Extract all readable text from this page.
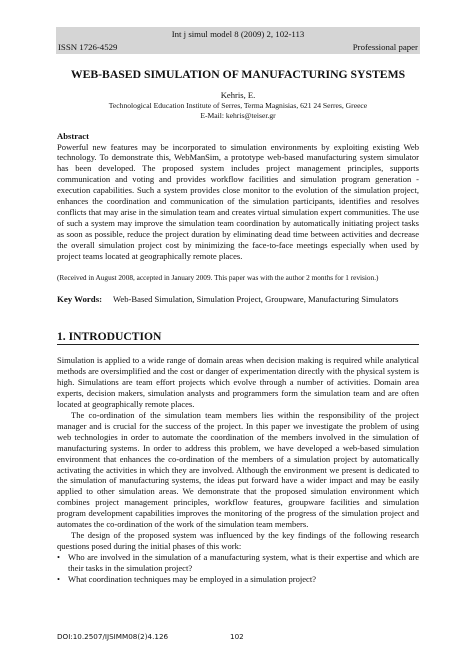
Int j simul model 8 (2009) 2, 102-113
ISSN 1726-4529	Professional paper
WEB-BASED SIMULATION OF MANUFACTURING SYSTEMS
Kehris, E.
Technological Education Institute of Serres, Terma Magnisias, 621 24 Serres, Greece
E-Mail: kehris@teiser.gr
Abstract
Powerful new features may be incorporated to simulation environments by exploiting existing Web technology. To demonstrate this, WebManSim, a prototype web-based manufacturing system simulator has been developed. The proposed system includes project management principles, supports communication and voting and provides workflow facilities and simulation program generation - execution capabilities. Such a system provides close monitor to the evolution of the simulation project, enhances the coordination and communication of the simulation participants, identifies and resolves conflicts that may arise in the simulation team and creates virtual simulation expert communities. The use of such a system may improve the simulation team coordination by automatically initiating project tasks as soon as possible, reduce the project duration by eliminating dead time between activities and decrease the overall simulation project cost by minimizing the face-to-face meetings especially when used by project teams located at geographically remote places.
(Received in August 2008, accepted in January 2009. This paper was with the author 2 months for 1 revision.)
Key Words: Web-Based Simulation, Simulation Project, Groupware, Manufacturing Simulators
1. INTRODUCTION

Simulation is applied to a wide range of domain areas when decision making is required while analytical methods are oversimplified and the cost or danger of experimentation directly with the physical system is high. Simulations are team effort projects which evolve through a number of activities. Domain area experts, decision makers, simulation analysts and programmers form the simulation team and are often located at geographically remote places.

The co-ordination of the simulation team members lies within the responsibility of the project manager and is crucial for the success of the project. In this paper we investigate the problem of using web technologies in order to automate the coordination of the members involved in the simulation of manufacturing systems. In order to address this problem, we have developed a web-based simulation environment that enhances the co-ordination of the members of a simulation project by automatically activating the activities in which they are involved. Although the environment we present is dedicated to the simulation of manufacturing systems, the ideas put forward have a wider impact and may be easily applied to other simulation areas. We demonstrate that the proposed simulation environment which combines project management principles, workflow features, groupware facilities and simulation program development capabilities improves the monitoring of the progress of the simulation project and automates the co-ordination of the work of the simulation team members.

The design of the proposed system was influenced by the key findings of the following research questions posed during the initial phases of this work:

• Who are involved in the simulation of a manufacturing system, what is their expertise and which are their tasks in the simulation project?
• What coordination techniques may be employed in a simulation project?
DOI:10.2507/IJSIMM08(2)4.126	102
